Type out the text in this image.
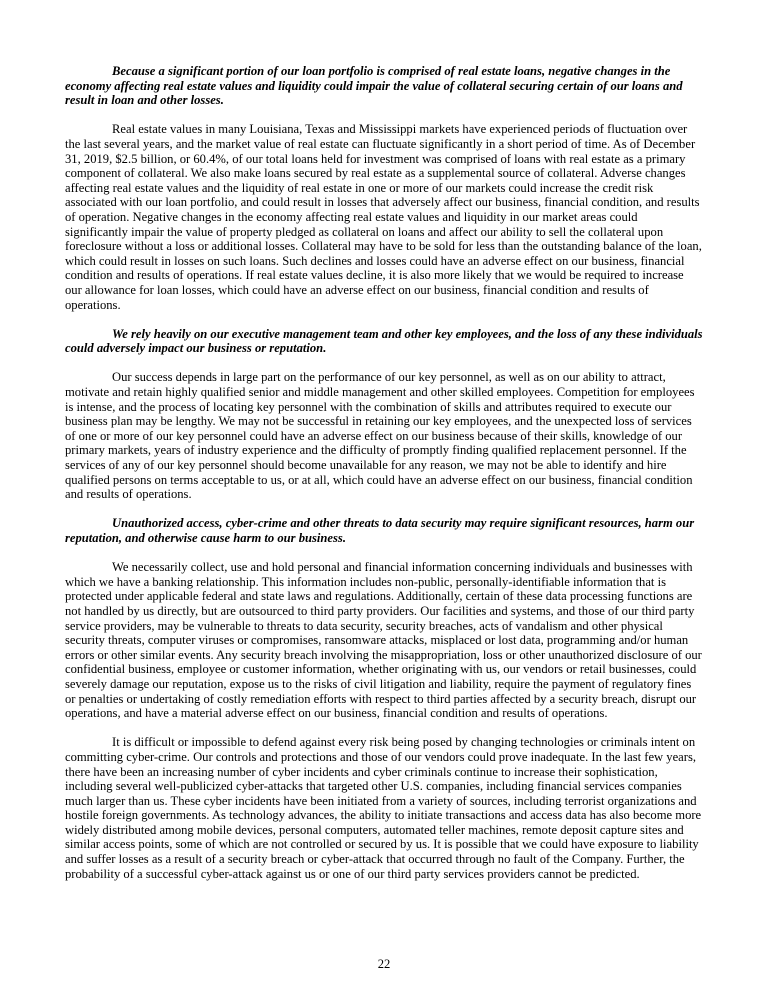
Because a significant portion of our loan portfolio is comprised of real estate loans, negative changes in the economy affecting real estate values and liquidity could impair the value of collateral securing certain of our loans and result in loan and other losses.
Real estate values in many Louisiana, Texas and Mississippi markets have experienced periods of fluctuation over the last several years, and the market value of real estate can fluctuate significantly in a short period of time. As of December 31, 2019, $2.5 billion, or 60.4%, of our total loans held for investment was comprised of loans with real estate as a primary component of collateral. We also make loans secured by real estate as a supplemental source of collateral. Adverse changes affecting real estate values and the liquidity of real estate in one or more of our markets could increase the credit risk associated with our loan portfolio, and could result in losses that adversely affect our business, financial condition, and results of operation. Negative changes in the economy affecting real estate values and liquidity in our market areas could significantly impair the value of property pledged as collateral on loans and affect our ability to sell the collateral upon foreclosure without a loss or additional losses. Collateral may have to be sold for less than the outstanding balance of the loan, which could result in losses on such loans. Such declines and losses could have an adverse effect on our business, financial condition and results of operations. If real estate values decline, it is also more likely that we would be required to increase our allowance for loan losses, which could have an adverse effect on our business, financial condition and results of operations.
We rely heavily on our executive management team and other key employees, and the loss of any these individuals could adversely impact our business or reputation.
Our success depends in large part on the performance of our key personnel, as well as on our ability to attract, motivate and retain highly qualified senior and middle management and other skilled employees. Competition for employees is intense, and the process of locating key personnel with the combination of skills and attributes required to execute our business plan may be lengthy. We may not be successful in retaining our key employees, and the unexpected loss of services of one or more of our key personnel could have an adverse effect on our business because of their skills, knowledge of our primary markets, years of industry experience and the difficulty of promptly finding qualified replacement personnel. If the services of any of our key personnel should become unavailable for any reason, we may not be able to identify and hire qualified persons on terms acceptable to us, or at all, which could have an adverse effect on our business, financial condition and results of operations.
Unauthorized access, cyber-crime and other threats to data security may require significant resources, harm our reputation, and otherwise cause harm to our business.
We necessarily collect, use and hold personal and financial information concerning individuals and businesses with which we have a banking relationship. This information includes non-public, personally-identifiable information that is protected under applicable federal and state laws and regulations. Additionally, certain of these data processing functions are not handled by us directly, but are outsourced to third party providers. Our facilities and systems, and those of our third party service providers, may be vulnerable to threats to data security, security breaches, acts of vandalism and other physical security threats, computer viruses or compromises, ransomware attacks, misplaced or lost data, programming and/or human errors or other similar events. Any security breach involving the misappropriation, loss or other unauthorized disclosure of our confidential business, employee or customer information, whether originating with us, our vendors or retail businesses, could severely damage our reputation, expose us to the risks of civil litigation and liability, require the payment of regulatory fines or penalties or undertaking of costly remediation efforts with respect to third parties affected by a security breach, disrupt our operations, and have a material adverse effect on our business, financial condition and results of operations.
It is difficult or impossible to defend against every risk being posed by changing technologies or criminals intent on committing cyber-crime. Our controls and protections and those of our vendors could prove inadequate. In the last few years, there have been an increasing number of cyber incidents and cyber criminals continue to increase their sophistication, including several well-publicized cyber-attacks that targeted other U.S. companies, including financial services companies much larger than us. These cyber incidents have been initiated from a variety of sources, including terrorist organizations and hostile foreign governments. As technology advances, the ability to initiate transactions and access data has also become more widely distributed among mobile devices, personal computers, automated teller machines, remote deposit capture sites and similar access points, some of which are not controlled or secured by us. It is possible that we could have exposure to liability and suffer losses as a result of a security breach or cyber-attack that occurred through no fault of the Company. Further, the probability of a successful cyber-attack against us or one of our third party services providers cannot be predicted.
22
